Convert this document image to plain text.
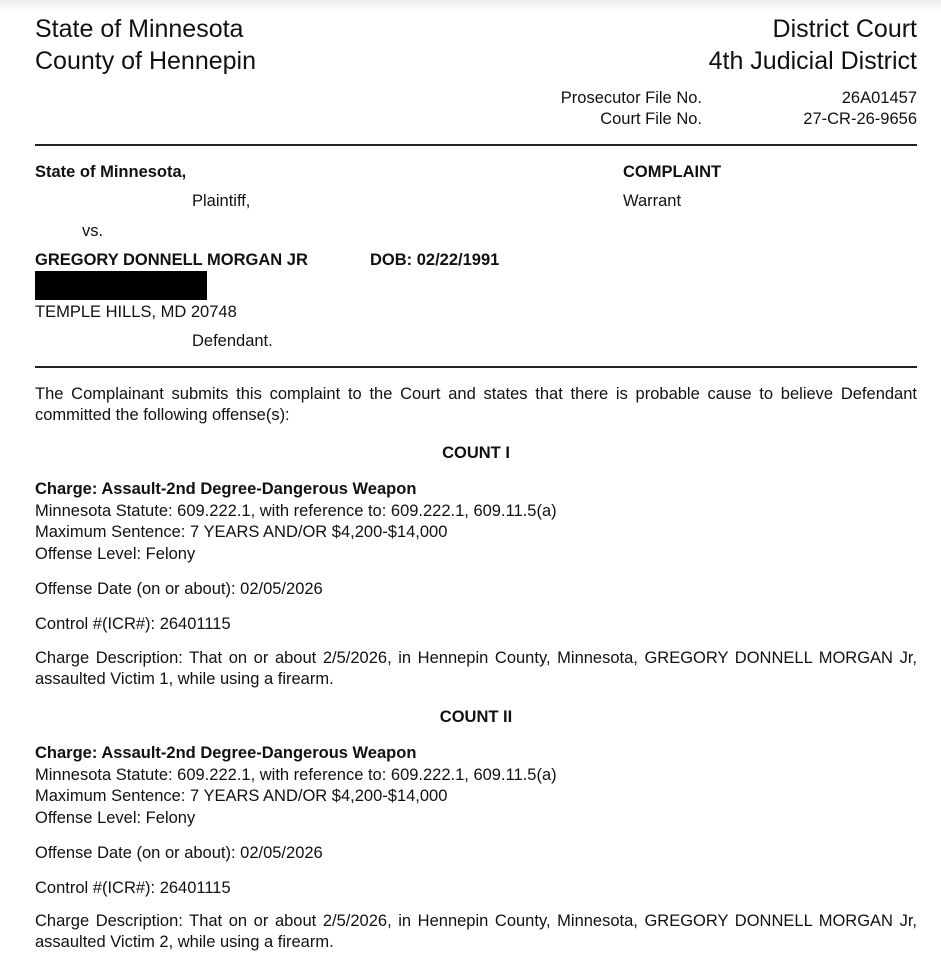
State of Minnesota
County of Hennepin
District Court
4th Judicial District
Prosecutor File No.	26A01457
Court File No.	27-CR-26-9656
State of Minnesota,
Plaintiff,
vs.
COMPLAINT
Warrant
GREGORY DONNELL MORGAN JR	DOB: 02/22/1991
TEMPLE HILLS, MD 20748
Defendant.
The Complainant submits this complaint to the Court and states that there is probable cause to believe Defendant committed the following offense(s):
COUNT I
Charge: Assault-2nd Degree-Dangerous Weapon
Minnesota Statute: 609.222.1, with reference to: 609.222.1, 609.11.5(a)
Maximum Sentence: 7 YEARS AND/OR $4,200-$14,000
Offense Level: Felony
Offense Date (on or about): 02/05/2026
Control #(ICR#): 26401115
Charge Description: That on or about 2/5/2026, in Hennepin County, Minnesota, GREGORY DONNELL MORGAN Jr, assaulted Victim 1, while using a firearm.
COUNT II
Charge: Assault-2nd Degree-Dangerous Weapon
Minnesota Statute: 609.222.1, with reference to: 609.222.1, 609.11.5(a)
Maximum Sentence: 7 YEARS AND/OR $4,200-$14,000
Offense Level: Felony
Offense Date (on or about): 02/05/2026
Control #(ICR#): 26401115
Charge Description: That on or about 2/5/2026, in Hennepin County, Minnesota, GREGORY DONNELL MORGAN Jr, assaulted Victim 2, while using a firearm.
